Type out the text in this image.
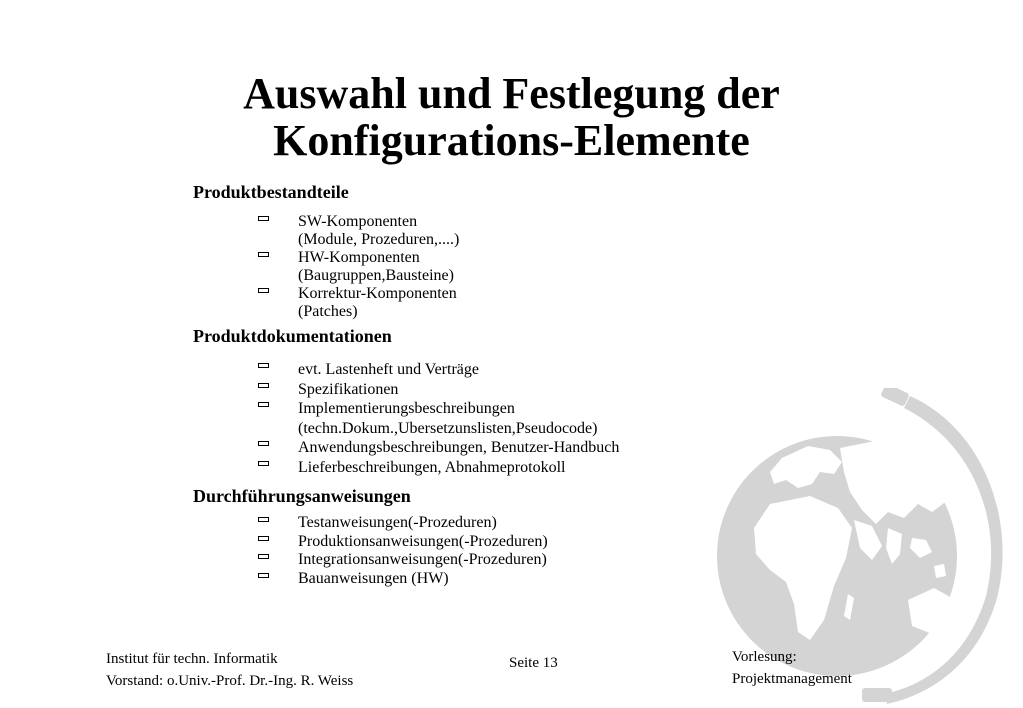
Auswahl und Festlegung der
Konfigurations-Elemente
Produktbestandteile
SW-Komponenten
(Module, Prozeduren,....)
HW-Komponenten
(Baugruppen,Bausteine)
Korrektur-Komponenten
(Patches)
Produktdokumentationen
evt. Lastenheft und Verträge
Spezifikationen
Implementierungsbeschreibungen
(techn.Dokum.,Ubersetzunslisten,Pseudocode)
Anwendungsbeschreibungen, Benutzer-Handbuch
Lieferbeschreibungen, Abnahmeprotokoll
Durchführungsanweisungen
Testanweisungen(-Prozeduren)
Produktionsanweisungen(-Prozeduren)
Integrationsanweisungen(-Prozeduren)
Bauanweisungen (HW)
Institut für techn. Informatik
Vorstand: o.Univ.-Prof. Dr.-Ing. R. Weiss
Seite 13	Vorlesung:
Projektmanagement
